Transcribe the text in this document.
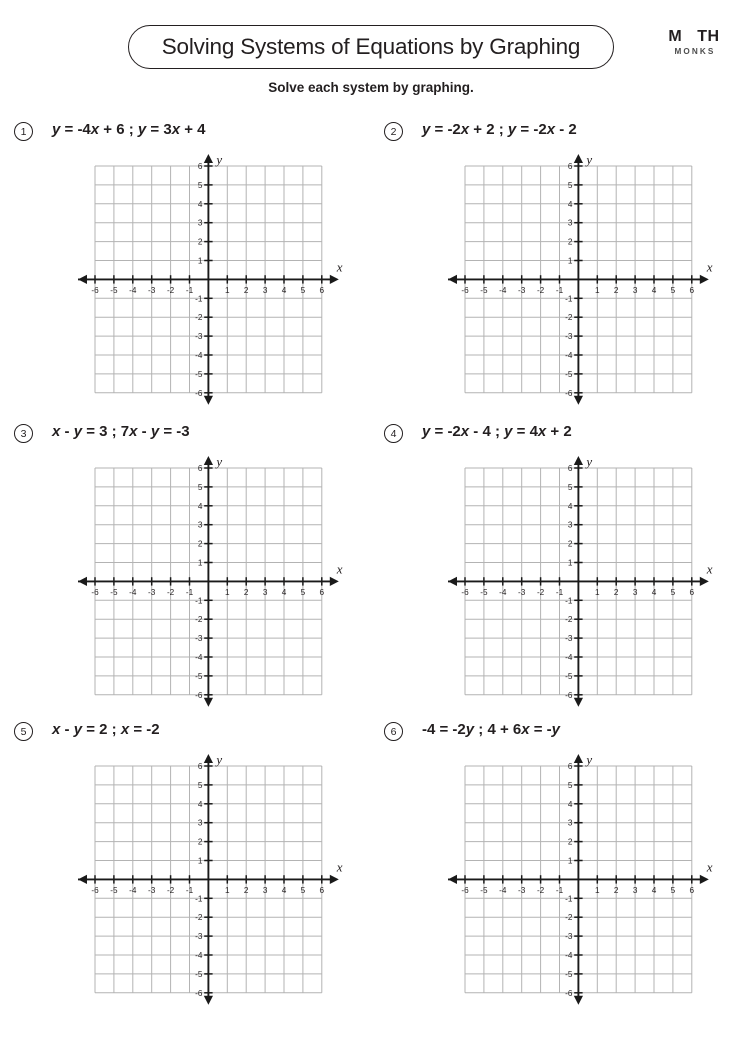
Solving Systems of Equations by Graphing
Solve each system by graphing.
M TH
MONKS
1	y = -4x + 6 ; y = 3x + 4
-6 -5 -4 -3 -2 -1	1 2 3 4 5 6
6
5
4
3
2
1
-1
-2
-3
-4
-5
-6
x
y
2	y = -2x + 2 ; y = -2x - 2
-6 -5 -4 -3 -2 -1	1 2 3 4 5 6
6
5
4
3
2
1
-1
-2
-3
-4
-5
-6
x
y
3	x - y = 3 ; 7x - y = -3
-6 -5 -4 -3 -2 -1	1 2 3 4 5 6
6
5
4
3
2
1
-1
-2
-3
-4
-5
-6
x
y
4	y = -2x - 4 ; y = 4x + 2
-6 -5 -4 -3 -2 -1	1 2 3 4 5 6
6
5
4
3
2
1
-1
-2
-3
-4
-5
-6
x
y
5	x - y = 2 ; x = -2
-6 -5 -4 -3 -2 -1	1 2 3 4 5 6
6
5
4
3
2
1
-1
-2
-3
-4
-5
-6
x
y
6	-4 = -2y ; 4 + 6x = -y
-6 -5 -4 -3 -2 -1	1 2 3 4 5 6
6
5
4
3
2
1
-1
-2
-3
-4
-5
-6
x
y
